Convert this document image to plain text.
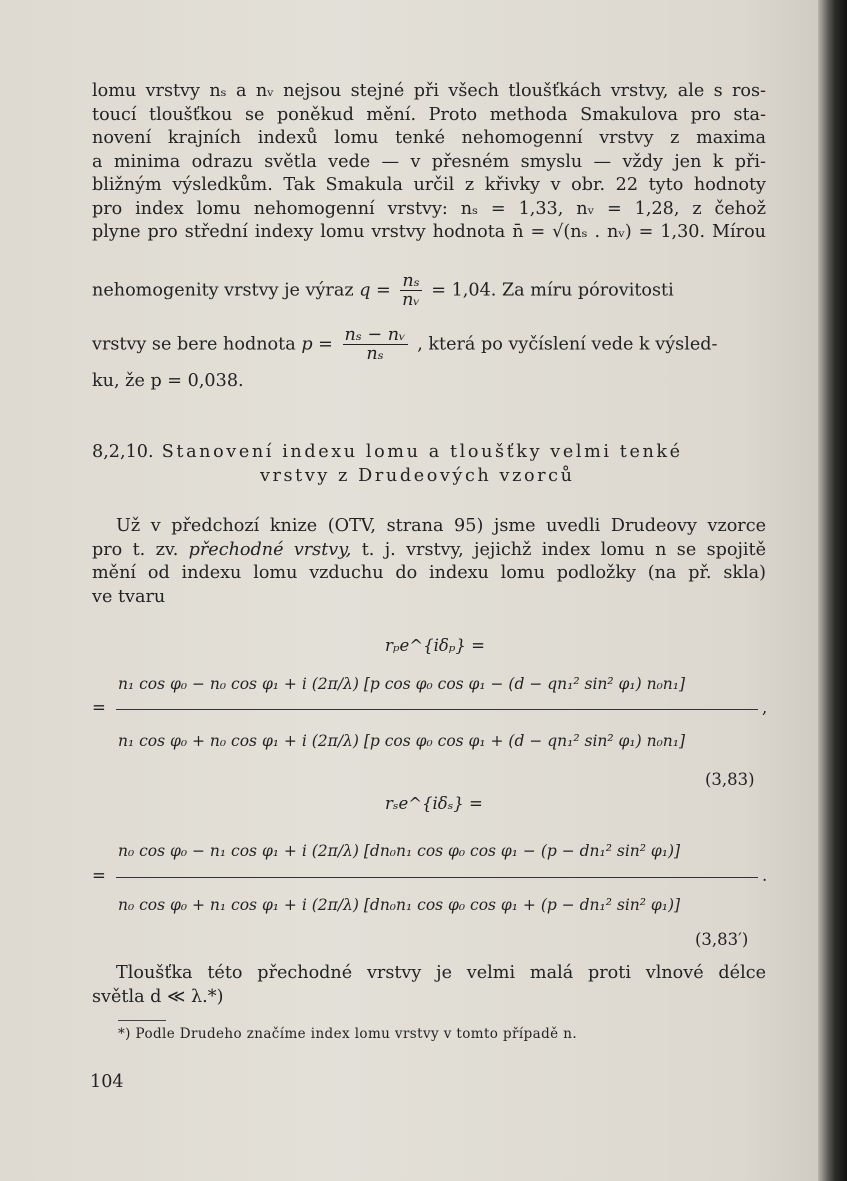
lomu vrstvy nₛ a nᵥ nejsou stejné při všech tloušťkách vrstvy, ale s ros-
toucí tloušťkou se poněkud mění. Proto methoda Smakulova pro sta-
novení krajních indexů lomu tenké nehomogenní vrstvy z maxima
a minima odrazu světla vede — v přesném smyslu — vždy jen k při-
bližným výsledkům. Tak Smakula určil z křivky v obr. 22 tyto hodnoty
pro index lomu nehomogenní vrstvy: nₛ = 1,33, nᵥ = 1,28, z čehož
plyne pro střední indexy lomu vrstvy hodnota n̄ = √(nₛ . nᵥ) = 1,30. Mírou
nehomogenity vrstvy je výraz $q = \frac{\text{nₛ}}{\text{nᵥ}} = 1,04$. Za míru pórovitosti
vrstvy se bere hodnota $p = \frac{\text{nₛ − nᵥ}}{\text{nₛ}}$ , která po vyčíslení vede k výsled-
ku, že p = 0,038.
8,2,10. Stanovení indexu lomu a tloušťky velmi tenké
vrstvy z Drudeových vzorců
Už v předchozí knize (OTV, strana 95) jsme uvedli Drudeovy vzorce
pro t. zv. přechodné vrstvy, t. j. vrstvy, jejichž index lomu n se spojitě
mění od indexu lomu vzduchu do indexu lomu podložky (na př. skla)
ve tvaru
rₚe^{iδₚ} =
n₁ cos φ₀ − n₀ cos φ₁ + i (2π/λ) [p cos φ₀ cos φ₁ − (d − qn₁² sin² φ₁) n₀n₁]
=	,
n₁ cos φ₀ + n₀ cos φ₁ + i (2π/λ) [p cos φ₀ cos φ₁ + (d − qn₁² sin² φ₁) n₀n₁]
(3,83)
rₛe^{iδₛ} =
n₀ cos φ₀ − n₁ cos φ₁ + i (2π/λ) [dn₀n₁ cos φ₀ cos φ₁ − (p − dn₁² sin² φ₁)]
=	.
n₀ cos φ₀ + n₁ cos φ₁ + i (2π/λ) [dn₀n₁ cos φ₀ cos φ₁ + (p − dn₁² sin² φ₁)]
(3,83′)
Tloušťka této přechodné vrstvy je velmi malá proti vlnové délce
světla d ≪ λ.*)
*) Podle Drudeho značíme index lomu vrstvy v tomto případě n.
104
